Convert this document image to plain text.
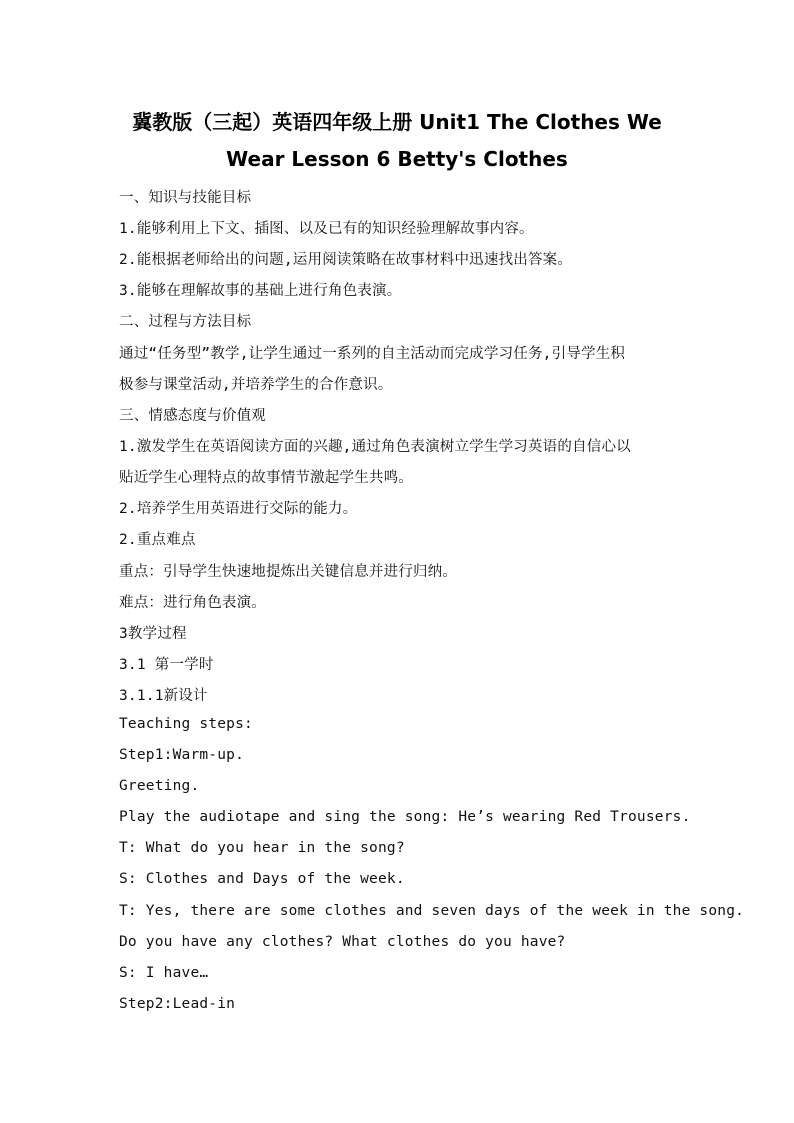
冀教版（三起）英语四年级上册 Unit1 The Clothes We
Wear Lesson 6 Betty's Clothes
一、知识与技能目标
1.能够利用上下文、插图、以及已有的知识经验理解故事内容。
2.能根据老师给出的问题,运用阅读策略在故事材料中迅速找出答案。
3.能够在理解故事的基础上进行角色表演。
二、过程与方法目标
通过“任务型”教学,让学生通过一系列的自主活动而完成学习任务,引导学生积
极参与课堂活动,并培养学生的合作意识。
三、情感态度与价值观
1.激发学生在英语阅读方面的兴趣,通过角色表演树立学生学习英语的自信心以
贴近学生心理特点的故事情节激起学生共鸣。
2.培养学生用英语进行交际的能力。
2.重点难点
重点：引导学生快速地提炼出关键信息并进行归纳。
难点：进行角色表演。
3教学过程
3.1 第一学时
3.1.1新设计
Teaching steps:
Step1:Warm-up.
Greeting.
Play the audiotape and sing the song: He’s wearing Red Trousers.
T: What do you hear in the song?
S: Clothes and Days of the week.
T: Yes, there are some clothes and seven days of the week in the song.
Do you have any clothes? What clothes do you have?
S: I have…
Step2:Lead-in
